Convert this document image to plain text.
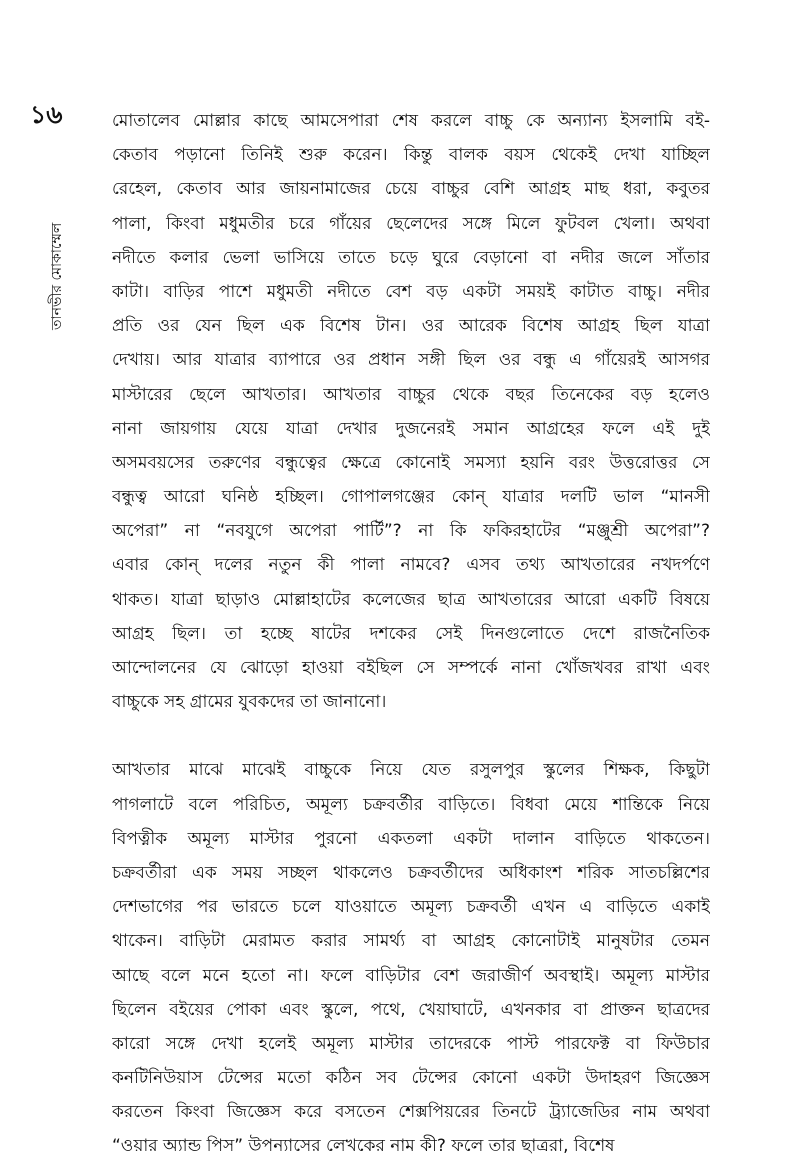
১৬
তানভীর মোকাম্মেল
মোতালেব মোল্লার কাছে আমসেপারা শেষ করলে বাচ্চু কে অন্যান্য ইসলামি বই-
কেতাব পড়ানো তিনিই শুরু করেন। কিন্তু বালক বয়স থেকেই দেখা যাচ্ছিল
রেহেল, কেতাব আর জায়নামাজের চেয়ে বাচ্চুর বেশি আগ্রহ মাছ ধরা, কবুতর
পালা, কিংবা মধুমতীর চরে গাঁয়ের ছেলেদের সঙ্গে মিলে ফুটবল খেলা। অথবা
নদীতে কলার ভেলা ভাসিয়ে তাতে চড়ে ঘুরে বেড়ানো বা নদীর জলে সাঁতার
কাটা। বাড়ির পাশে মধুমতী নদীতে বেশ বড় একটা সময়ই কাটাত বাচ্চু। নদীর
প্রতি ওর যেন ছিল এক বিশেষ টান। ওর আরেক বিশেষ আগ্রহ ছিল যাত্রা
দেখায়। আর যাত্রার ব্যাপারে ওর প্রধান সঙ্গী ছিল ওর বন্ধু এ গাঁয়েরই আসগর
মাস্টারের ছেলে আখতার। আখতার বাচ্চুর থেকে বছর তিনেকের বড় হলেও
নানা জায়গায় যেয়ে যাত্রা দেখার দুজনেরই সমান আগ্রহের ফলে এই দুই
অসমবয়সের তরুণের বন্ধুত্বের ক্ষেত্রে কোনোই সমস্যা হয়নি বরং উত্তরোত্তর সে
বন্ধুত্ব আরো ঘনিষ্ঠ হচ্ছিল। গোপালগঞ্জের কোন্ যাত্রার দলটি ভাল “মানসী
অপেরা” না “নবযুগে অপেরা পার্টি”? না কি ফকিরহাটের “মঞ্জুশ্রী অপেরা”?
এবার কোন্ দলের নতুন কী পালা নামবে? এসব তথ্য আখতারের নখদর্পণে
থাকত। যাত্রা ছাড়াও মোল্লাহাটের কলেজের ছাত্র আখতারের আরো একটি বিষয়ে
আগ্রহ ছিল। তা হচ্ছে ষাটের দশকের সেই দিনগুলোতে দেশে রাজনৈতিক
আন্দোলনের যে ঝোড়ো হাওয়া বইছিল সে সম্পর্কে নানা খোঁজখবর রাখা এবং
বাচ্চুকে সহ গ্রামের যুবকদের তা জানানো।
আখতার মাঝে মাঝেই বাচ্চুকে নিয়ে যেত রসুলপুর স্কুলের শিক্ষক, কিছুটা
পাগলাটে বলে পরিচিত, অমূল্য চক্রবর্তীর বাড়িতে। বিধবা মেয়ে শান্তিকে নিয়ে
বিপত্নীক অমূল্য মাস্টার পুরনো একতলা একটা দালান বাড়িতে থাকতেন।
চক্রবর্তীরা এক সময় সচ্ছল থাকলেও চক্রবর্তীদের অধিকাংশ শরিক সাতচল্লিশের
দেশভাগের পর ভারতে চলে যাওয়াতে অমূল্য চক্রবর্তী এখন এ বাড়িতে একাই
থাকেন। বাড়িটা মেরামত করার সামর্থ্য বা আগ্রহ কোনোটাই মানুষটার তেমন
আছে বলে মনে হতো না। ফলে বাড়িটার বেশ জরাজীর্ণ অবস্থাই। অমূল্য মাস্টার
ছিলেন বইয়ের পোকা এবং স্কুলে, পথে, খেয়াঘাটে, এখনকার বা প্রাক্তন ছাত্রদের
কারো সঙ্গে দেখা হলেই অমূল্য মাস্টার তাদেরকে পাস্ট পারফেক্ট বা ফিউচার
কনটিনিউয়াস টেন্সের মতো কঠিন সব টেন্সের কোনো একটা উদাহরণ জিজ্ঞেস
করতেন কিংবা জিজ্ঞেস করে বসতেন শেক্সপিয়রের তিনটে ট্র্যাজেডির নাম অথবা
“ওয়ার অ্যান্ড পিস” উপন্যাসের লেখকের নাম কী? ফলে তার ছাত্ররা, বিশেষ
